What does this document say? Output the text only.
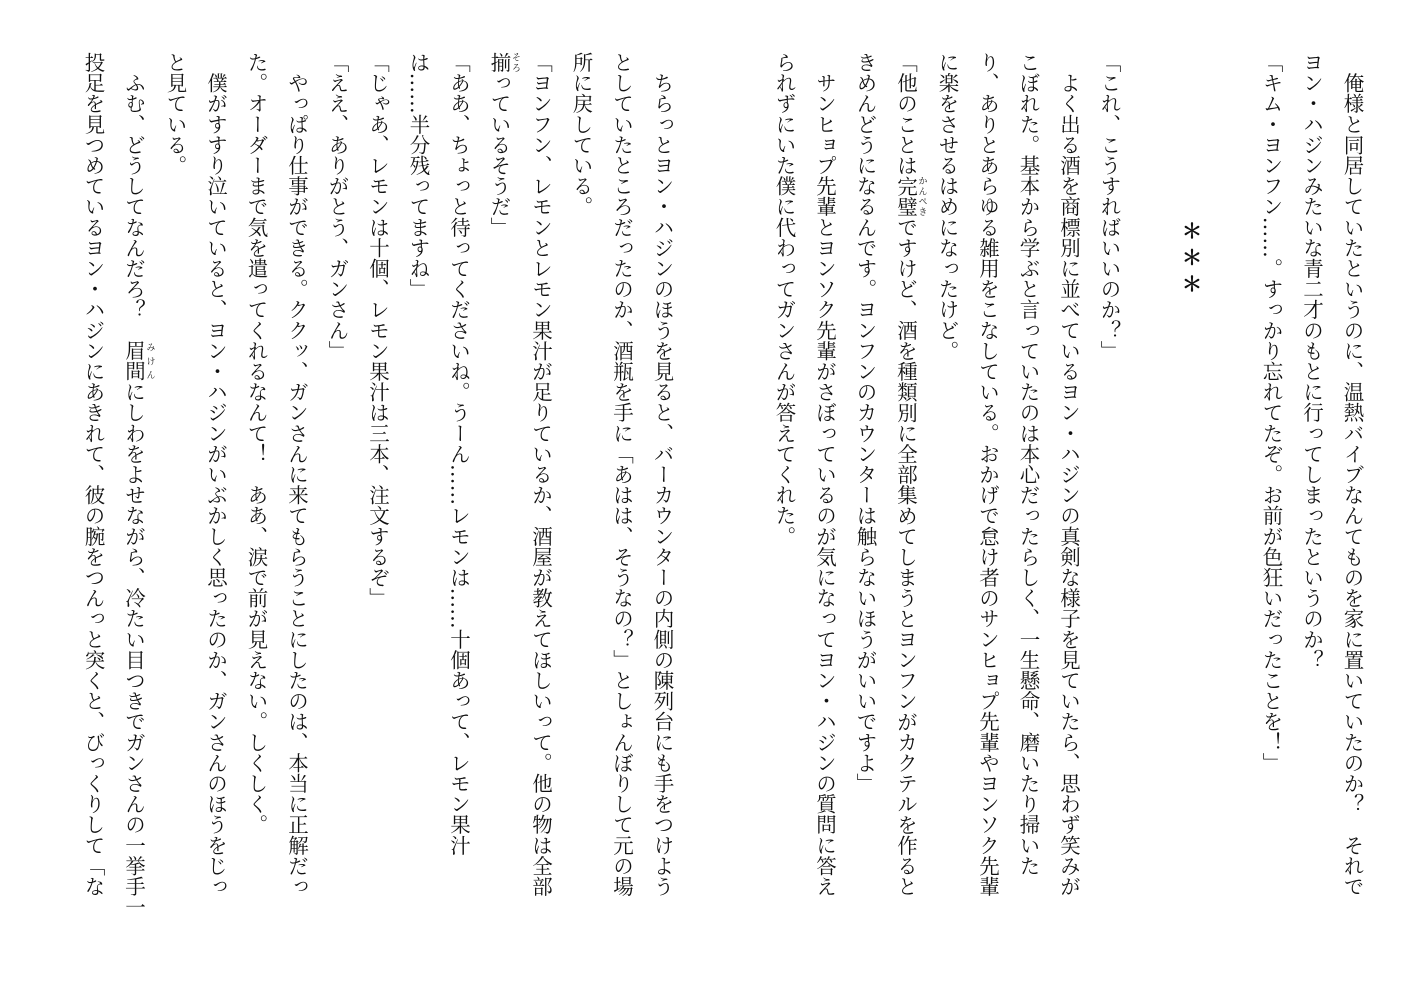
　俺様と同居していたというのに、温熱バイブなんてものを家に置いていたのか？　それで
ヨン・ハジンみたいな青二才のもとに行ってしまったというのか？
「キム・ヨンフン……。すっかり忘れてたぞ。お前が色狂いだったことを！」
＊＊＊
「これ、こうすればいいのか？」
　よく出る酒を商標別に並べているヨン・ハジンの真剣な様子を見ていたら、思わず笑みが
こぼれた。基本から学ぶと言っていたのは本心だったらしく、一生懸命、磨いたり掃いた
り、ありとあらゆる雑用をこなしている。おかげで怠け者のサンヒョプ先輩やヨンソク先輩
に楽をさせるはめになったけど。
「他のことは完璧 かんぺきですけど、酒を種類別に全部集めてしまうとヨンフンがカクテルを作ると
きめんどうになるんです。ヨンフンのカウンターは触らないほうがいいですよ」
　サンヒョプ先輩とヨンソク先輩がさぼっているのが気になってヨン・ハジンの質問に答え
られずにいた僕に代わってガンさんが答えてくれた。
　ちらっとヨン・ハジンのほうを見ると、バーカウンターの内側の陳列台にも手をつけよう
としていたところだったのか、酒瓶を手に「あはは、そうなの？」としょんぼりして元の場
所に戻している。
「ヨンフン、レモンとレモン果汁が足りているか、酒屋が教えてほしいって。他の物は全部
揃 そろっているそうだ」
「ああ、ちょっと待ってくださいね。うーん……レモンは……十個あって、レモン果汁
は……半分残ってますね」
「じゃあ、レモンは十個、レモン果汁は三本、注文するぞ」
「ええ、ありがとう、ガンさん」
　やっぱり仕事ができる。ククッ、ガンさんに来てもらうことにしたのは、本当に正解だっ
た。オーダーまで気を遣ってくれるなんて！　ああ、涙で前が見えない。しくしく。
　僕がすすり泣いていると、ヨン・ハジンがいぶかしく思ったのか、ガンさんのほうをじっ
と見ている。
　ふむ、どうしてなんだろ？　眉間 みけんにしわをよせながら、冷たい目つきでガンさんの一挙手一
投足を見つめているヨン・ハジンにあきれて、彼の腕をつんっと突くと、びっくりして「な
